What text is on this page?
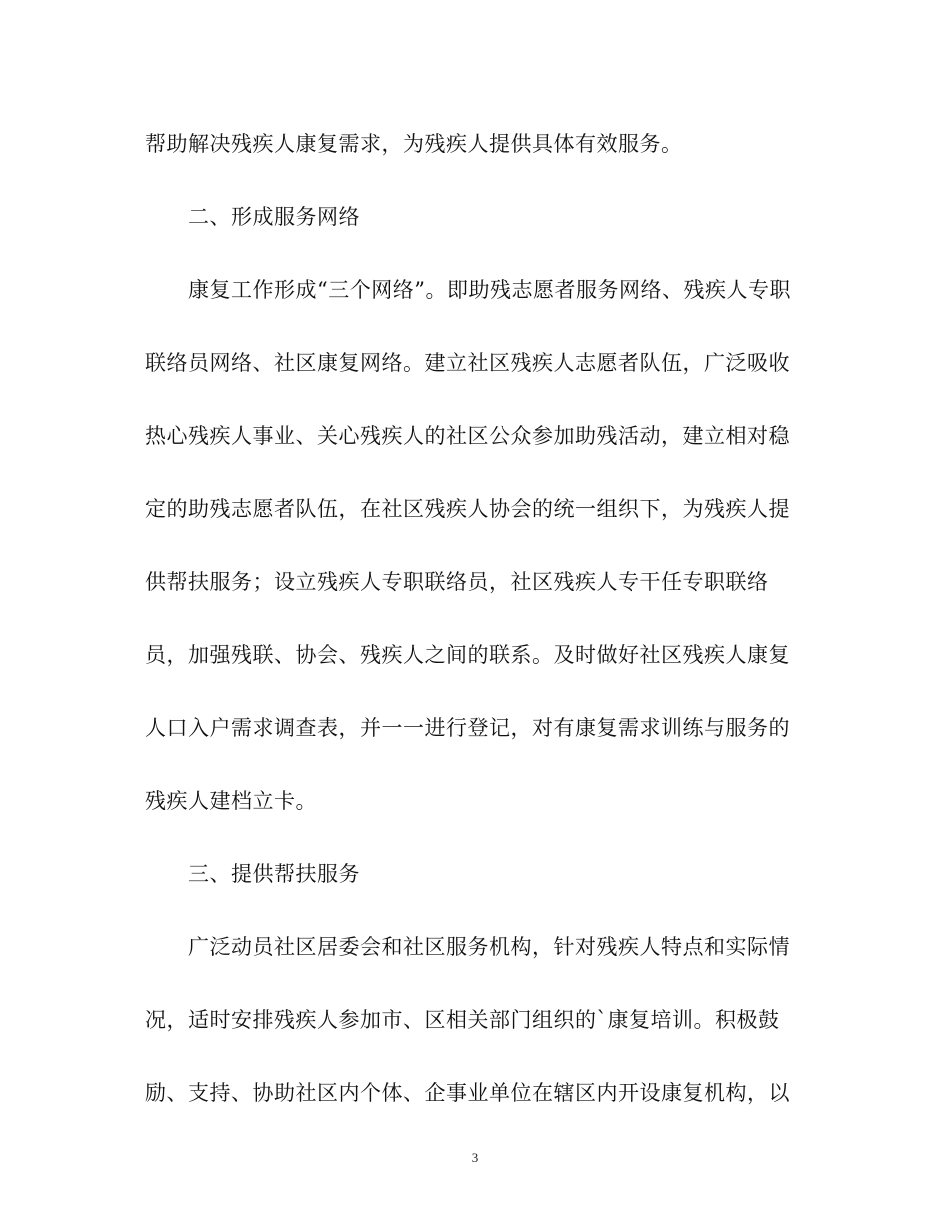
帮助解决残疾人康复需求，为残疾人提供具体有效服务。
二、形成服务网络
康复工作形成“三个网络”。即助残志愿者服务网络、残疾人专职
联络员网络、社区康复网络。建立社区残疾人志愿者队伍，广泛吸收
热心残疾人事业、关心残疾人的社区公众参加助残活动，建立相对稳
定的助残志愿者队伍，在社区残疾人协会的统一组织下，为残疾人提
供帮扶服务；设立残疾人专职联络员，社区残疾人专干任专职联络
员，加强残联、协会、残疾人之间的联系。及时做好社区残疾人康复
人口入户需求调查表，并一一进行登记，对有康复需求训练与服务的
残疾人建档立卡。
三、提供帮扶服务
广泛动员社区居委会和社区服务机构，针对残疾人特点和实际情
况，适时安排残疾人参加市、区相关部门组织的`康复培训。积极鼓
励、支持、协助社区内个体、企事业单位在辖区内开设康复机构，以
3
